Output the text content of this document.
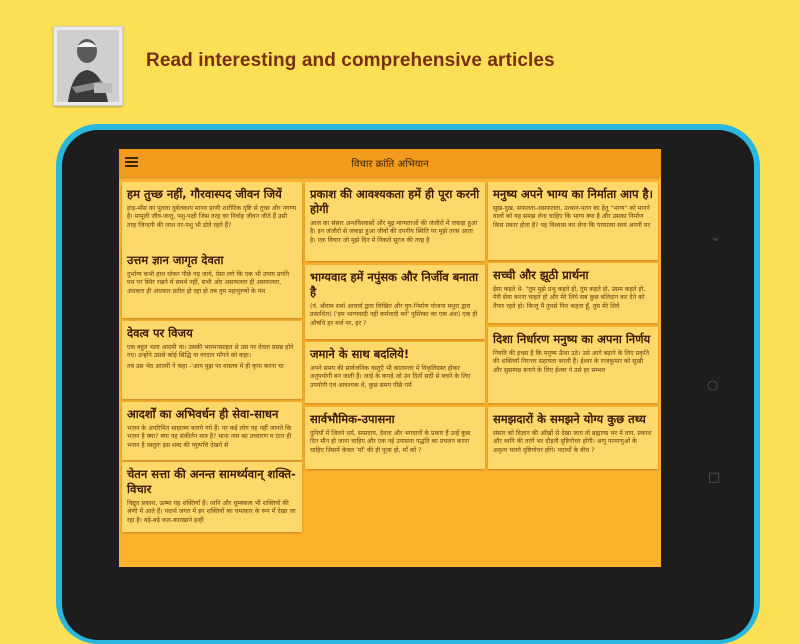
Read interesting and comprehensive articles
⌄
○
□
विचार क्रांति अभियान
हम तुच्छ नहीं, गौरवास्पद जीवन जियें

हाड़-माँस का पुतला दुर्बलकाय मानव प्राणी शारीरिक दृष्टि से तुच्छ और नगण्य है। मामूली जीव-जन्तु, पशु-पक्षी जिस तरह का निर्वाह जीवन जीते हैं उसी तरह जिन्दगी की लाश नर-पशु भी ढोते रहते हैं?

उत्तम ज्ञान जागृत देवता

दुर्भाग्य कभी हाथ धोकर पीछे पड़ जाये, ऐसा लगे कि एक भी उपाय प्रगति पथ पर स्थिर रखने में समर्थ नहीं, सभी ओर असफलता ही असफलता, अंधकार ही अंधकार प्रतीत हो रहा हो तब तुम महापुरुषों के पंथ

देवत्व पर विजय

एक बहुत भला आदमी था। उसकी भलमनसाहत से उस पर देवता प्रसन्न होने गए। उन्होंने उससे कोई सिद्धि या वरदान माँगने को कहा।

तब उस भेद आदमी ने कहा -'आप मुझ पर वास्तव में ही कृपा करना चा

आदर्शों का अभिवर्धन ही सेवा-साधन

भजन के अपरिमित माहात्म्य बताये गये हैं। पर कई लोग यह नहीं जानते कि भजन है क्या? क्या यह संकीर्तन मात्र है? माना नाम का उच्चारण व रटन ही भजन है वस्तुतः इस शब्द की व्युत्पत्ति देखने से

चेतन सत्ता की अनन्त सामर्थ्यवान् शक्ति-विचार

विद्युत प्रकाश, ऊष्मा यह शक्तियाँ हैं। ध्वनि और चुम्बकत्व भी शक्तियों की श्रेणी में आते हैं। पदार्थ जगत में इन शक्तियों का चमत्कार के रूप में देखा जा रहा है। बड़े-बड़े कल-कारखाने इन्हीं

प्रकाश की आवश्यकता हमें ही पूरा करनी होगी

आज का संसार अन्धविश्वासों और मूढ़ मान्यताओं की जंजीरों में जकड़ा हुआ है। इन जंजीरों से जकड़ा हुआ जीवों की दयनीय स्थिति पर मुझे तरस आता है। एक विचार जो मुझे दिन में निकले सूरज की तरह है

भाग्यवाद हमें नपुंसक और निर्जीव बनाता है

(पं. श्रीराम शर्मा आचार्य द्वारा लिखित और युग-निर्माण योजना मथुरा द्वारा प्रकाशित) ('हम भाग्यवादी नहीं कर्मवादी बनें' पुस्तिका का एक अंश) एक ही औषधि हर मर्ज पर, हर ?

जमाने के साथ बदलिये!

अपने समय की सार्वजनिक वस्तुएँ भी कालान्तर में विकृतिग्रस्त होकर अनुपयोगी बन जाती हैं। जाड़े के कपड़े जो उन दिनों सर्दी से बचने के लिए उपयोगी एवं आवश्यक थे, कुछ समय पीछे गर्म

सार्वभौमिक-उपासना

दुनियाँ में जितने धर्म, सम्प्रदाय, देवता और भगवानों के प्रकार हैं उन्हें कुछ दिन मौन हो जाना चाहिए और एक नई उपासना पद्धति का प्रचलन करना चाहिए जिसमें केवल 'माँ' की ही पूजा हो, माँ को ?

मनुष्य अपने भाग्य का निर्माता आप है।

सुख-दुख, सफलता-असफलता, उत्थान-पतन का हेतु "भाग्य" को मानने वालों को यह समझ लेना चाहिए कि भाग्य क्या है और उसका निर्माण किस प्रकार होता है? यह विश्वास कर लेना कि परमात्मा स्वयं अपनी मर

सच्ची और झूठी प्रार्थना

ईसा कहते थे- "तुम मुझे प्रभु कहते हो, तुम कहते हो, उसम कहते हो, मेरी सेवा करना चाहते हो और मेरे लिये सब कुछ बलिदान कर देने को तैयार रहते हो। किन्तु मैं तुमसे फिर कहता हूँ, तुम मेरे लिये

दिशा निर्धारण मनुष्य का अपना निर्णय

नियति की इच्छा है कि मनुष्य ऊँचा उठे। उसे आगे बढ़ाने के लिए प्रकृति की शक्तियाँ निरन्तर सहायता करती हैं। ईश्वर के राजकुमार को सुखी और सुसम्पन्न बनाने के लिए ईश्वर ने उसे हर सम्भव

समझदारों के समझने योग्य कुछ तथ्य

संसार को विज्ञान की आँखों से देखा जाय तो ब्रह्माण्ड भर में ताप, प्रकाश और ध्वनि की तरंगें भर दौड़ती दृष्टिगोचर होंगी। अणु परमाणुओं के अदृश्य चलते दृष्टिगोचर होंगे। पदार्थों के बीच ?
